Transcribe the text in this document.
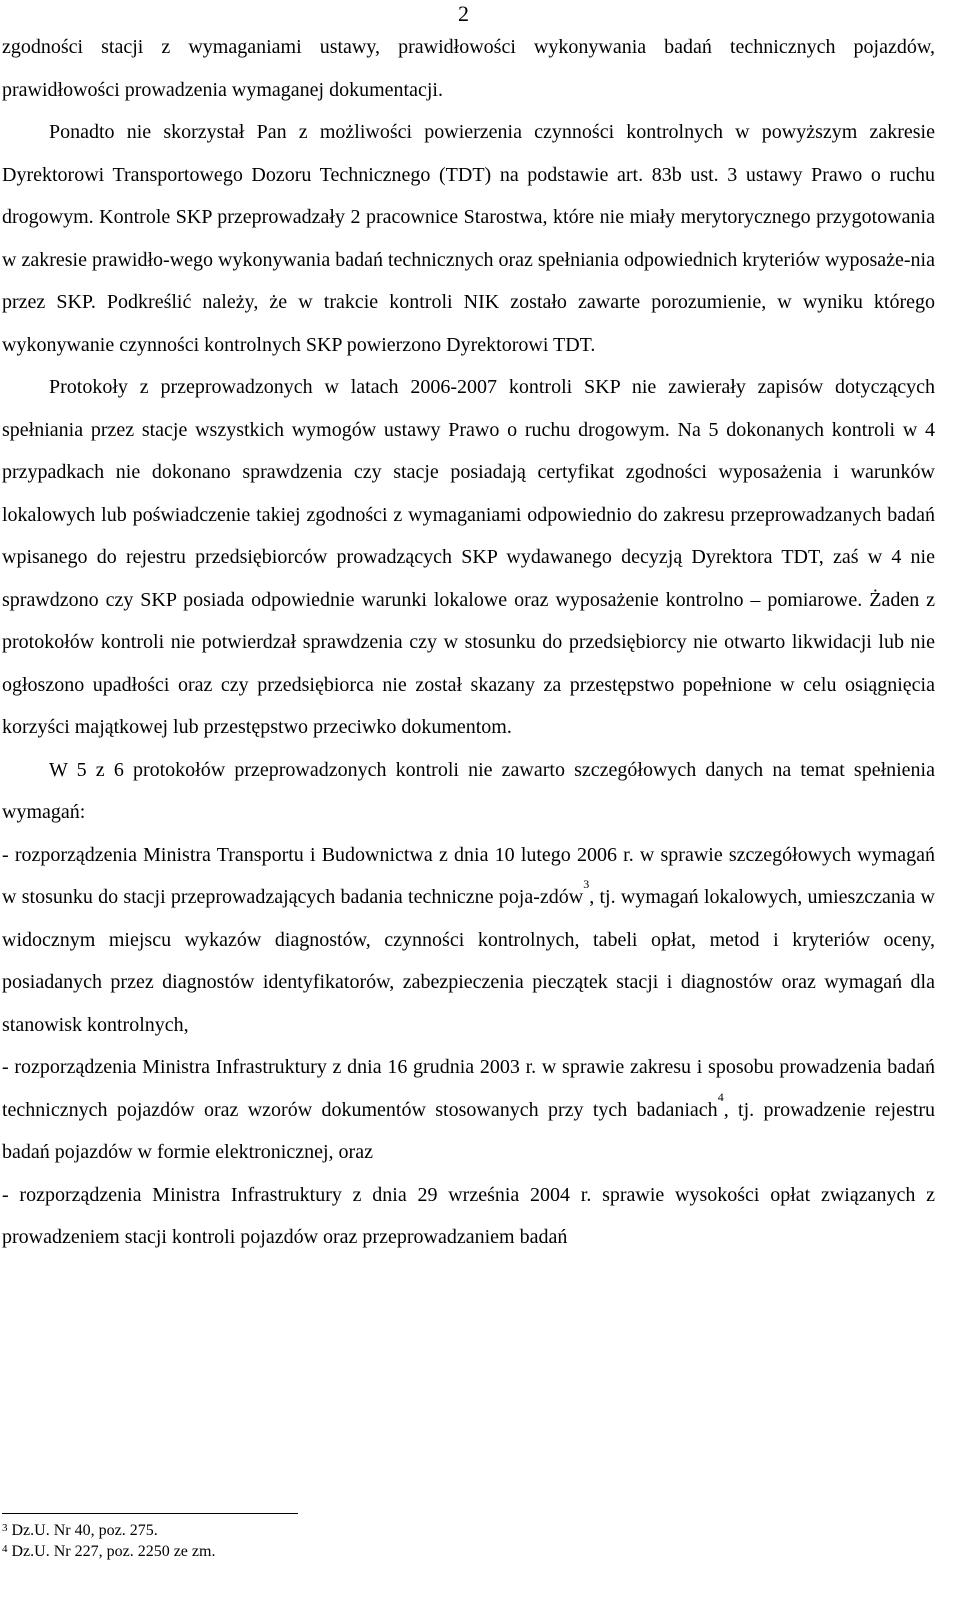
2

zgodności stacji z wymaganiami ustawy, prawidłowości wykonywania badań technicznych pojazdów, prawidłowości prowadzenia wymaganej dokumentacji.

Ponadto nie skorzystał Pan z możliwości powierzenia czynności kontrolnych w powyższym zakresie Dyrektorowi Transportowego Dozoru Technicznego (TDT) na podstawie art. 83b ust. 3 ustawy Prawo o ruchu drogowym. Kontrole SKP przeprowadzały 2 pracownice Starostwa, które nie miały merytorycznego przygotowania w zakresie prawidło-wego wykonywania badań technicznych oraz spełniania odpowiednich kryteriów wyposaże-nia przez SKP. Podkreślić należy, że w trakcie kontroli NIK zostało zawarte porozumienie, w wyniku którego wykonywanie czynności kontrolnych SKP powierzono Dyrektorowi TDT.

Protokoły z przeprowadzonych w latach 2006-2007 kontroli SKP nie zawierały zapisów dotyczących spełniania przez stacje wszystkich wymogów ustawy Prawo o ruchu drogowym. Na 5 dokonanych kontroli w 4 przypadkach nie dokonano sprawdzenia czy stacje posiadają certyfikat zgodności wyposażenia i warunków lokalowych lub poświadczenie takiej zgodności z wymaganiami odpowiednio do zakresu przeprowadzanych badań wpisanego do rejestru przedsiębiorców prowadzących SKP wydawanego decyzją Dyrektora TDT, zaś w 4 nie sprawdzono czy SKP posiada odpowiednie warunki lokalowe oraz wyposażenie kontrolno – pomiarowe. Żaden z protokołów kontroli nie potwierdzał sprawdzenia czy w stosunku do przedsiębiorcy nie otwarto likwidacji lub nie ogłoszono upadłości oraz czy przedsiębiorca nie został skazany za przestępstwo popełnione w celu osiągnięcia korzyści majątkowej lub przestępstwo przeciwko dokumentom.

W 5 z 6 protokołów przeprowadzonych kontroli nie zawarto szczegółowych danych na temat spełnienia wymagań:

- rozporządzenia Ministra Transportu i Budownictwa z dnia 10 lutego 2006 r. w sprawie szczegółowych wymagań w stosunku do stacji przeprowadzających badania techniczne poja-zdów$^3$, tj. wymagań lokalowych, umieszczania w widocznym miejscu wykazów diagnostów, czynności kontrolnych, tabeli opłat, metod i kryteriów oceny, posiadanych przez diagnostów identyfikatorów, zabezpieczenia pieczątek stacji i diagnostów oraz wymagań dla stanowisk kontrolnych,

- rozporządzenia Ministra Infrastruktury z dnia 16 grudnia 2003 r. w sprawie zakresu i sposobu prowadzenia badań technicznych pojazdów oraz wzorów dokumentów stosowanych przy tych badaniach$^4$, tj. prowadzenie rejestru badań pojazdów w formie elektronicznej, oraz

- rozporządzenia Ministra Infrastruktury z dnia 29 września 2004 r. sprawie wysokości opłat związanych z prowadzeniem stacji kontroli pojazdów oraz przeprowadzaniem badań

$^3$ Dz.U. Nr 40, poz. 275.

$^4$ Dz.U. Nr 227, poz. 2250 ze zm.
